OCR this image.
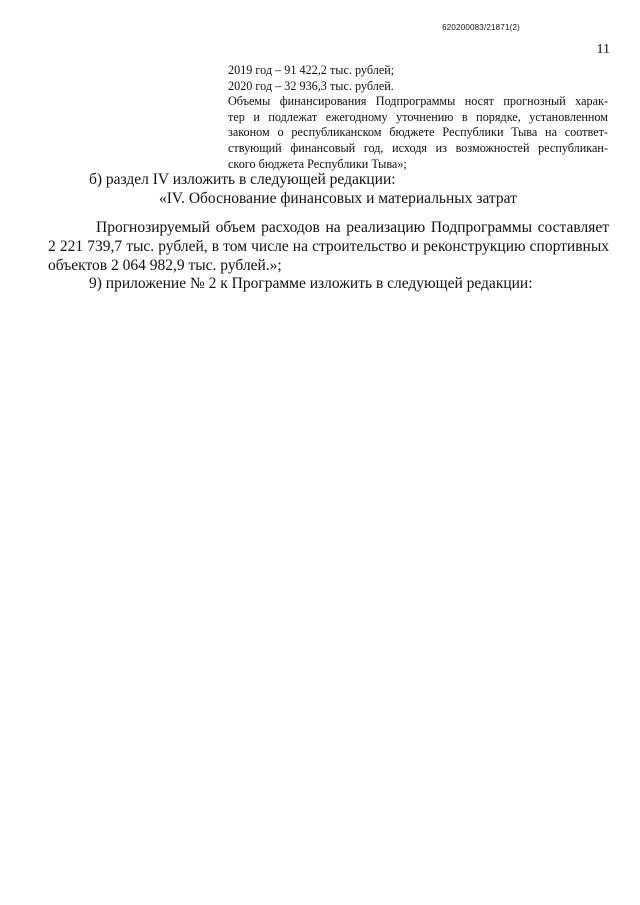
620200083/21871(2)
11
2019 год – 91 422,2 тыс. рублей;
2020 год – 32 936,3 тыс. рублей.
Объемы финансирования Подпрограммы носят прогнозный харак-
тер и подлежат ежегодному уточнению в порядке, установленном
законом о республиканском бюджете Республики Тыва на соответ-
ствующий финансовый год, исходя из возможностей республикан-
ского бюджета Республики Тыва»;
б) раздел IV изложить в следующей редакции:
«IV. Обоснование финансовых и материальных затрат
Прогнозируемый объем расходов на реализацию Подпрограммы составляет
2 221 739,7 тыс. рублей, в том числе на строительство и реконструкцию спортивных
объектов 2 064 982,9 тыс. рублей.»;
9) приложение № 2 к Программе изложить в следующей редакции:
